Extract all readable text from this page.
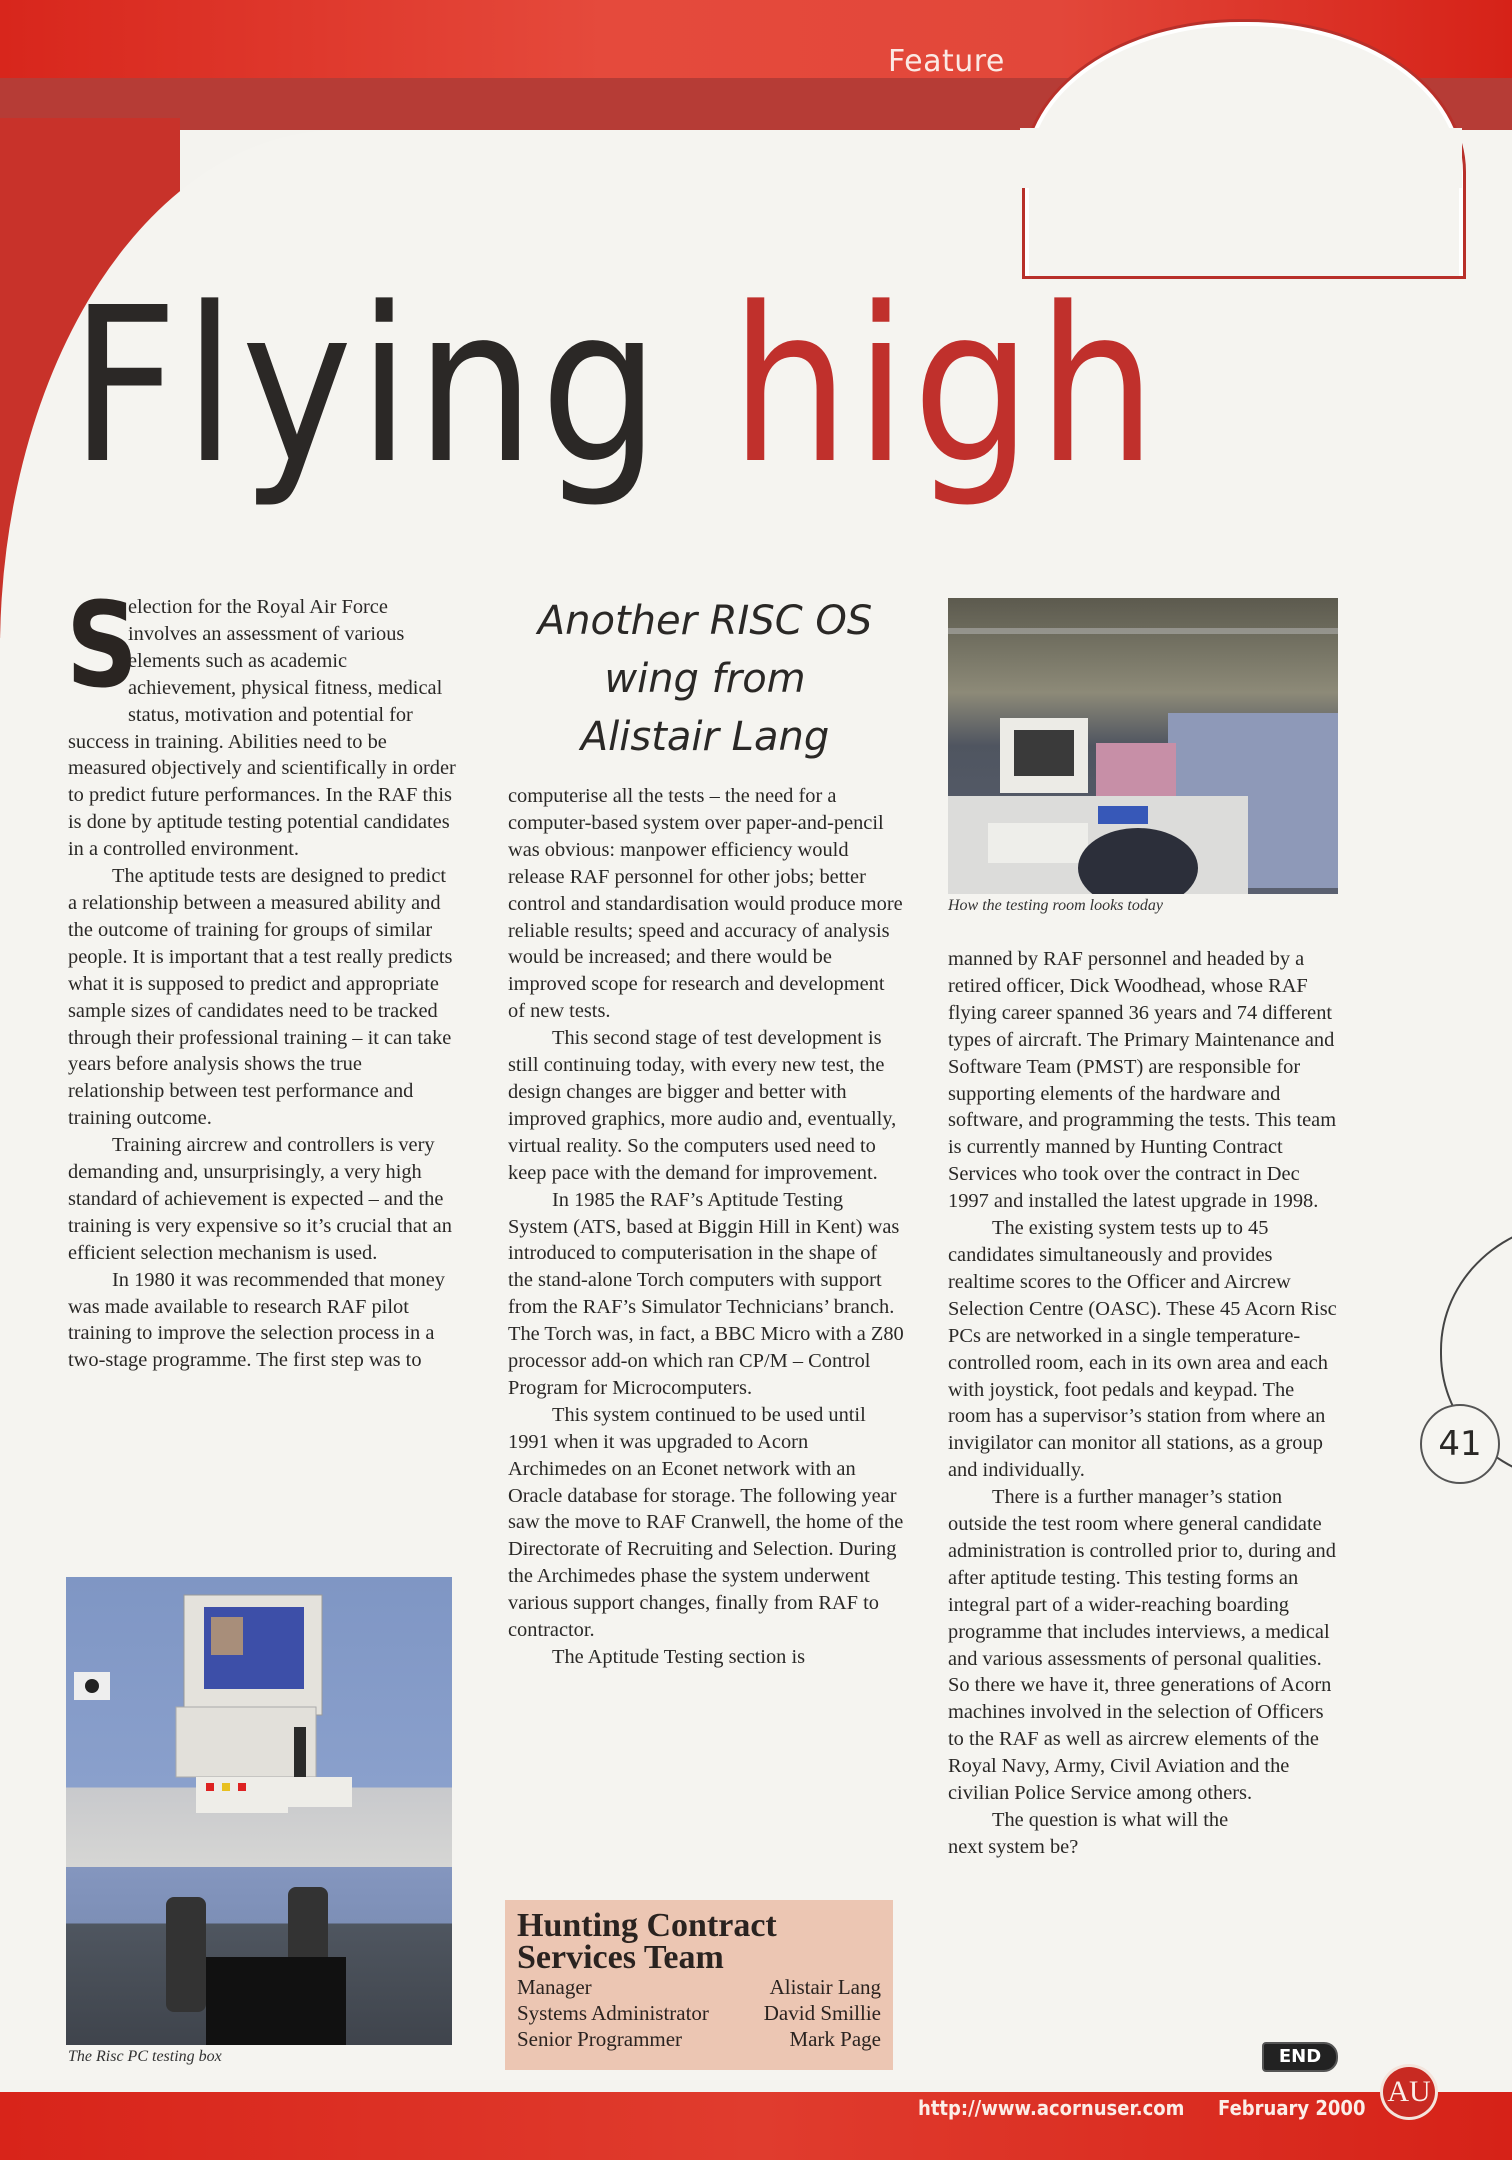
Feature
Flying high

S
election for the Royal Air Force involves an assessment of various elements such as academic achievement, physical fitness, medical status, motivation and potential for success in training. Abilities need to be measured objectively and scientifically in order to predict future performances. In the RAF this is done by aptitude testing potential candidates in a controlled environment.

The aptitude tests are designed to predict a relationship between a measured ability and the outcome of training for groups of similar people. It is important that a test really predicts what it is supposed to predict and appropriate sample sizes of candidates need to be tracked through their professional training – it can take years before analysis shows the true relationship between test performance and training outcome.

Training aircrew and controllers is very demanding and, unsurprisingly, a very high standard of achievement is expected – and the training is very expensive so it’s crucial that an efficient selection mechanism is used.

In 1980 it was recommended that money was made available to research RAF pilot training to improve the selection process in a two-stage programme. The first step was to

The Risc PC testing box
Another RISC OS
wing from
Alistair Lang

computerise all the tests – the need for a computer-based system over paper-and-pencil was obvious: manpower efficiency would release RAF personnel for other jobs; better control and standardisation would produce more reliable results; speed and accuracy of analysis would be increased; and there would be improved scope for research and development of new tests.

This second stage of test development is still continuing today, with every new test, the design changes are bigger and better with improved graphics, more audio and, eventually, virtual reality. So the computers used need to keep pace with the demand for improvement.

In 1985 the RAF’s Aptitude Testing System (ATS, based at Biggin Hill in Kent) was introduced to computerisation in the shape of the stand-alone Torch computers with support from the RAF’s Simulator Technicians’ branch. The Torch was, in fact, a BBC Micro with a Z80 processor add-on which ran CP/M – Control Program for Microcomputers.

This system continued to be used until 1991 when it was upgraded to Acorn Archimedes on an Econet network with an Oracle database for storage. The following year saw the move to RAF Cranwell, the home of the Directorate of Recruiting and Selection. During the Archimedes phase the system underwent various support changes, finally from RAF to contractor.

The Aptitude Testing section is

Hunting Contract
Services Team
Manager	Alistair Lang
Systems Administrator	David Smillie
Senior Programmer	Mark Page
How the testing room looks today

manned by RAF personnel and headed by a retired officer, Dick Woodhead, whose RAF flying career spanned 36 years and 74 different types of aircraft. The Primary Maintenance and Software Team (PMST) are responsible for supporting elements of the hardware and software, and programming the tests. This team is currently manned by Hunting Contract Services who took over the contract in Dec 1997 and installed the latest upgrade in 1998.

The existing system tests up to 45 candidates simultaneously and provides realtime scores to the Officer and Aircrew Selection Centre (OASC). These 45 Acorn Risc PCs are networked in a single temperature-controlled room, each in its own area and each with joystick, foot pedals and keypad. The room has a supervisor’s station from where an invigilator can monitor all stations, as a group and individually.

There is a further manager’s station outside the test room where general candidate administration is controlled prior to, during and after aptitude testing. This testing forms an integral part of a wider-reaching boarding programme that includes interviews, a medical and various assessments of personal qualities. So there we have it, three generations of Acorn machines involved in the selection of Officers to the RAF as well as aircrew elements of the Royal Navy, Army, Civil Aviation and the civilian Police Service among others.

The question is what will the next system be?

END
41
http://www.acornuser.com February 2000 AU
